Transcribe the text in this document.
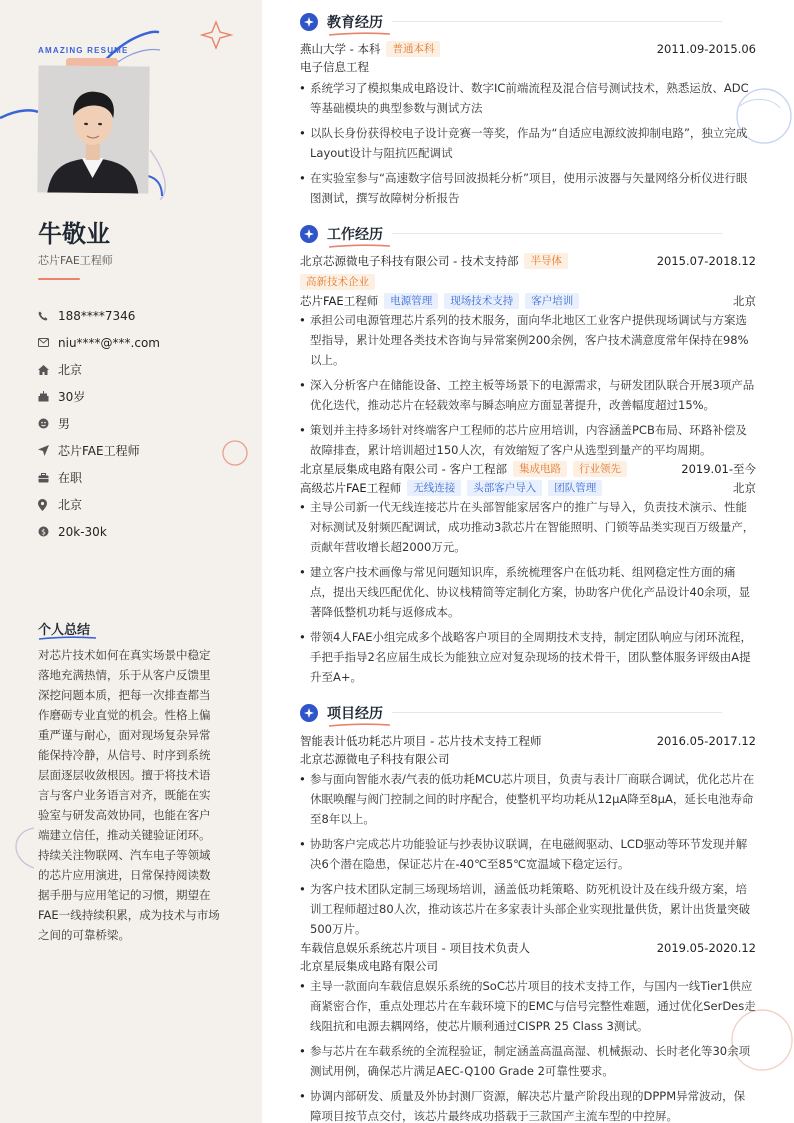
AMAZING RESUME
牛敬业
芯片FAE工程师
188****7346
niu****@***.com
北京
30岁
男
芯片FAE工程师
在职
北京
$ 20k-30k
个人总结
对芯片技术如何在真实场景中稳定落地充满热情，乐于从客户反馈里深挖问题本质，把每一次排查都当作磨砺专业直觉的机会。性格上偏重严谨与耐心，面对现场复杂异常能保持冷静，从信号、时序到系统层面逐层收敛根因。擅于将技术语言与客户业务语言对齐，既能在实验室与研发高效协同，也能在客户端建立信任，推动关键验证闭环。持续关注物联网、汽车电子等领域的芯片应用演进，日常保持阅读数据手册与应用笔记的习惯，期望在FAE一线持续积累，成为技术与市场之间的可靠桥梁。
教育经历
燕山大学 - 本科	普通本科	2011.09-2015.06
电子信息工程
• 系统学习了模拟集成电路设计、数字IC前端流程及混合信号测试技术，熟悉运放、ADC等基础模块的典型参数与测试方法
• 以队长身份获得校电子设计竞赛一等奖，作品为“自适应电源纹波抑制电路”，独立完成Layout设计与阻抗匹配调试
• 在实验室参与“高速数字信号回波损耗分析”项目，使用示波器与矢量网络分析仪进行眼图测试，撰写故障树分析报告
工作经历
北京芯源微电子科技有限公司 - 技术支持部	半导体	2015.07-2018.12
高新技术企业
芯片FAE工程师	电源管理	现场技术支持	客户培训	北京
• 承担公司电源管理芯片系列的技术服务，面向华北地区工业客户提供现场调试与方案选型指导，累计处理各类技术咨询与异常案例200余例，客户技术满意度常年保持在98%以上。
• 深入分析客户在储能设备、工控主板等场景下的电源需求，与研发团队联合开展3项产品优化迭代，推动芯片在轻载效率与瞬态响应方面显著提升，改善幅度超过15%。
• 策划并主持多场针对终端客户工程师的芯片应用培训，内容涵盖PCB布局、环路补偿及故障排查，累计培训超过150人次，有效缩短了客户从选型到量产的平均周期。
北京星辰集成电路有限公司 - 客户工程部	集成电路	行业领先	2019.01-至今
高级芯片FAE工程师	无线连接	头部客户导入	团队管理	北京
• 主导公司新一代无线连接芯片在头部智能家居客户的推广与导入，负责技术演示、性能对标测试及射频匹配调试，成功推动3款芯片在智能照明、门锁等品类实现百万级量产，贡献年营收增长超2000万元。
• 建立客户技术画像与常见问题知识库，系统梳理客户在低功耗、组网稳定性方面的痛点，提出天线匹配优化、协议栈精简等定制化方案，协助客户优化产品设计40余项，显著降低整机功耗与返修成本。
• 带领4人FAE小组完成多个战略客户项目的全周期技术支持，制定团队响应与闭环流程，手把手指导2名应届生成长为能独立应对复杂现场的技术骨干，团队整体服务评级由A提升至A+。
项目经历
智能表计低功耗芯片项目 - 芯片技术支持工程师	2016.05-2017.12
北京芯源微电子科技有限公司
• 参与面向智能水表/气表的低功耗MCU芯片项目，负责与表计厂商联合调试，优化芯片在休眠唤醒与阀门控制之间的时序配合，使整机平均功耗从12μA降至8μA，延长电池寿命至8年以上。
• 协助客户完成芯片功能验证与抄表协议联调，在电磁阀驱动、LCD驱动等环节发现并解决6个潜在隐患，保证芯片在-40℃至85℃宽温域下稳定运行。
• 为客户技术团队定制三场现场培训，涵盖低功耗策略、防死机设计及在线升级方案，培训工程师超过80人次，推动该芯片在多家表计头部企业实现批量供货，累计出货量突破500万片。
车载信息娱乐系统芯片项目 - 项目技术负责人	2019.05-2020.12
北京星辰集成电路有限公司
• 主导一款面向车载信息娱乐系统的SoC芯片项目的技术支持工作，与国内一线Tier1供应商紧密合作，重点处理芯片在车载环境下的EMC与信号完整性难题，通过优化SerDes走线阻抗和电源去耦网络，使芯片顺利通过CISPR 25 Class 3测试。
• 参与芯片在车载系统的全流程验证，制定涵盖高温高湿、机械振动、长时老化等30余项测试用例，确保芯片满足AEC-Q100 Grade 2可靠性要求。
• 协调内部研发、质量及外协封测厂资源，解决芯片量产阶段出现的DPPM异常波动，保障项目按节点交付，该芯片最终成功搭载于三款国产主流车型的中控屏。
